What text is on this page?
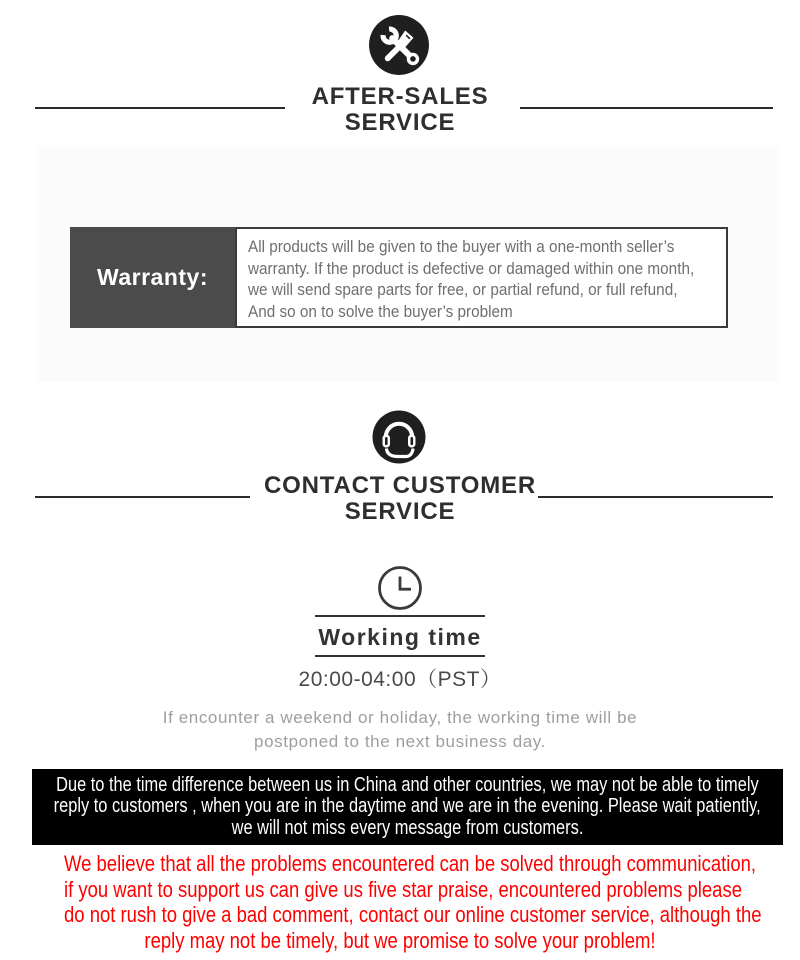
AFTER-SALES
SERVICE
Warranty:
All products will be given to the buyer with a one-month seller’s
warranty. If the product is defective or damaged within one month,
we will send spare parts for free, or partial refund, or full refund,
And so on to solve the buyer’s problem
CONTACT CUSTOMER
SERVICE
Working time
20:00-04:00（PST）
If encounter a weekend or holiday, the working time will be
postponed to the next business day.
Due to the time difference between us in China and other countries, we may not be able to timely
reply to customers , when you are in the daytime and we are in the evening. Please wait patiently,
we will not miss every message from customers.
We believe that all the problems encountered can be solved through communication,
if you want to support us can give us five star praise, encountered problems please
do not rush to give a bad comment, contact our online customer service, although the
reply may not be timely, but we promise to solve your problem!
